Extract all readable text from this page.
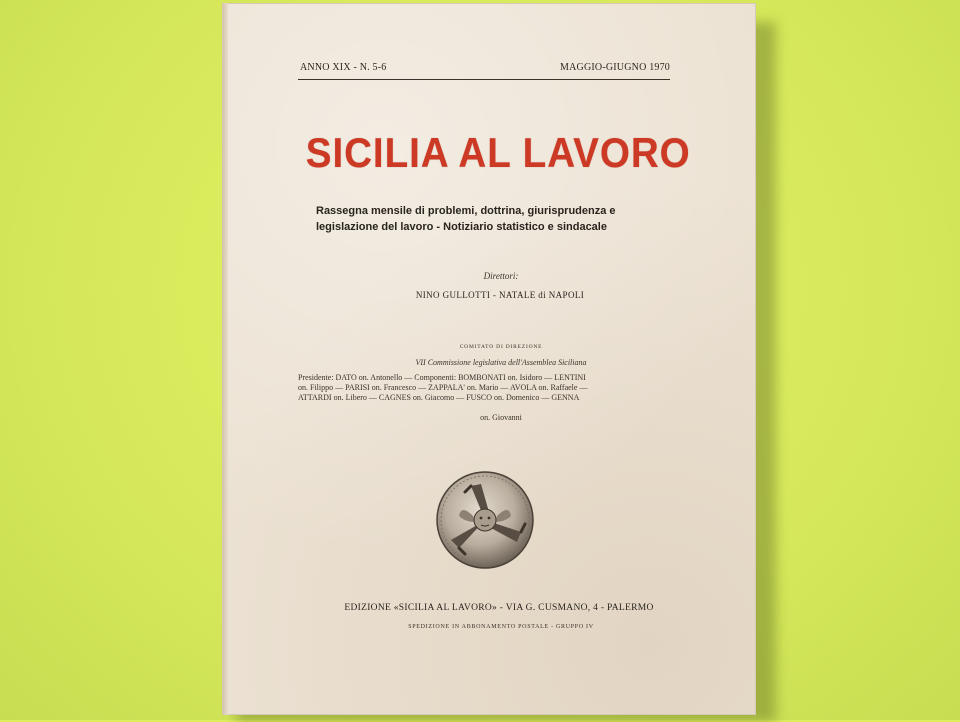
ANNO XIX - N. 5-6	MAGGIO-GIUGNO 1970
SICILIA AL LAVORO
Rassegna mensile di problemi, dottrina, giurisprudenza e
legislazione del lavoro - Notiziario statistico e sindacale
Direttori:
NINO GULLOTTI - NATALE di NAPOLI
COMITATO DI DIREZIONE
VII Commissione legislativa dell'Assemblea Siciliana
Presidente: DATO on. Antonello — Componenti: BOMBONATI on. Isidoro — LENTINI
on. Filippo — PARISI on. Francesco — ZAPPALA' on. Mario — AVOLA on. Raffaele —
ATTARDI on. Libero — CAGNES on. Giacomo — FUSCO on. Domenico — GENNA
on. Giovanni
EDIZIONE «SICILIA AL LAVORO» - VIA G. CUSMANO, 4 - PALERMO
SPEDIZIONE IN ABBONAMENTO POSTALE - GRUPPO IV
